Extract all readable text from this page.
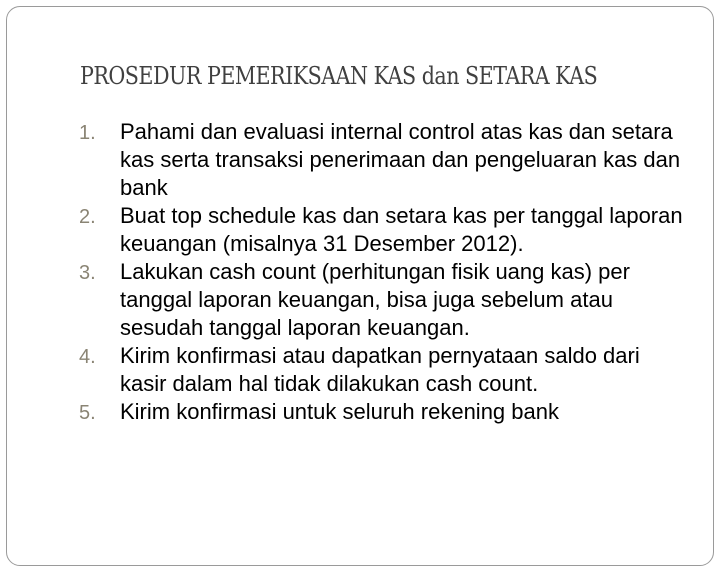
PROSEDUR PEMERIKSAAN KAS dan SETARA KAS
1. Pahami dan evaluasi internal control atas kas dan setara kas serta transaksi penerimaan dan pengeluaran kas dan bank
2. Buat top schedule kas dan setara kas per tanggal laporan keuangan (misalnya 31 Desember 2012).
3. Lakukan cash count (perhitungan fisik uang kas) per tanggal laporan keuangan, bisa juga sebelum atau sesudah tanggal laporan keuangan.
4. Kirim konfirmasi atau dapatkan pernyataan saldo dari kasir dalam hal tidak dilakukan cash count.
5. Kirim konfirmasi untuk seluruh rekening bank
